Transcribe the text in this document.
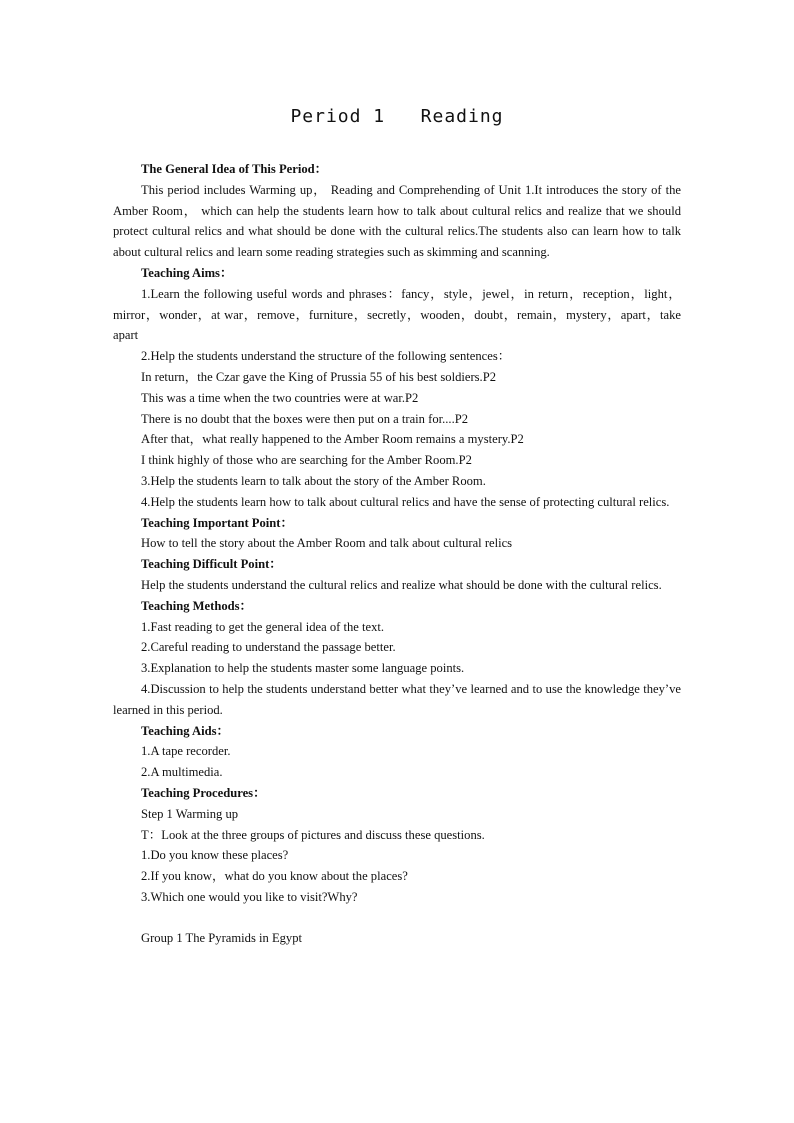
Period 1   Reading

The General Idea of This Period：

This period includes Warming up， Reading and Comprehending of Unit 1.It introduces the story of the Amber Room， which can help the students learn how to talk about cultural relics and realize that we should protect cultural relics and what should be done with the cultural relics.The students also can learn how to talk about cultural relics and learn some reading strategies such as skimming and scanning.

Teaching Aims：

1.Learn the following useful words and phrases：fancy，style，jewel，in return，reception，light，mirror，wonder，at war，remove，furniture，secretly，wooden，doubt，remain，mystery，apart，take apart

2.Help the students understand the structure of the following sentences：

In return，the Czar gave the King of Prussia 55 of his best soldiers.P2

This was a time when the two countries were at war.P2

There is no doubt that the boxes were then put on a train for....P2

After that，what really happened to the Amber Room remains a mystery.P2

I think highly of those who are searching for the Amber Room.P2

3.Help the students learn to talk about the story of the Amber Room.

4.Help the students learn how to talk about cultural relics and have the sense of protecting cultural relics.

Teaching Important Point：

How to tell the story about the Amber Room and talk about cultural relics

Teaching Difficult Point：

Help the students understand the cultural relics and realize what should be done with the cultural relics.

Teaching Methods：

1.Fast reading to get the general idea of the text.

2.Careful reading to understand the passage better.

3.Explanation to help the students master some language points.

4.Discussion to help the students understand better what they’ve learned and to use the knowledge they’ve learned in this period.

Teaching Aids：

1.A tape recorder.

2.A multimedia.

Teaching Procedures：

Step 1 Warming up

T：Look at the three groups of pictures and discuss these questions.

1.Do you know these places?

2.If you know，what do you know about the places?

3.Which one would you like to visit?Why?

Group 1 The Pyramids in Egypt
